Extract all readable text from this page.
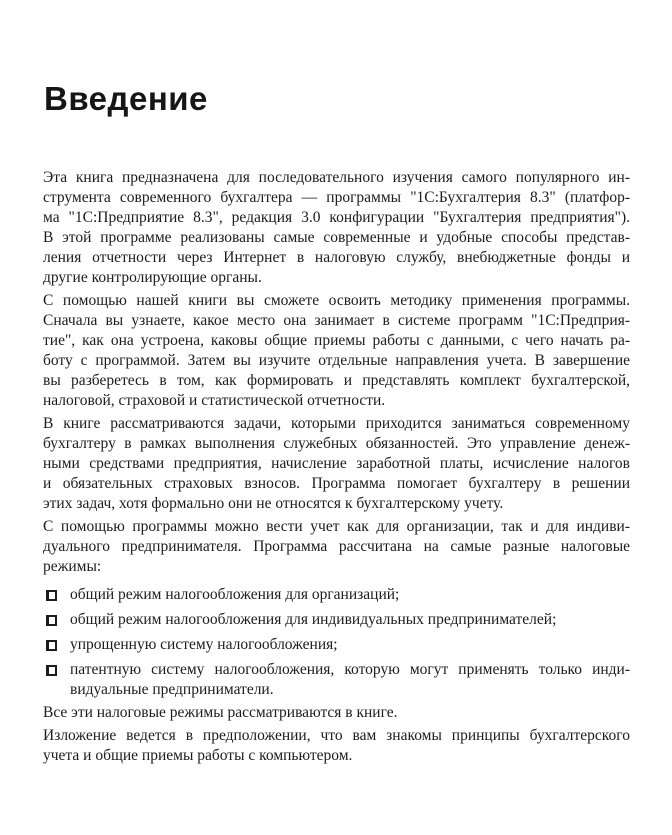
Введение
Эта книга предназначена для последовательного изучения самого популярного ин-
струмента современного бухгалтера — программы "1С:Бухгалтерия 8.3" (платфор-
ма "1С:Предприятие 8.3", редакция 3.0 конфигурации "Бухгалтерия предприятия").
В этой программе реализованы самые современные и удобные способы представ-
ления отчетности через Интернет в налоговую службу, внебюджетные фонды и
другие контролирующие органы.
С помощью нашей книги вы сможете освоить методику применения программы.
Сначала вы узнаете, какое место она занимает в системе программ "1С:Предприя-
тие", как она устроена, каковы общие приемы работы с данными, с чего начать ра-
боту с программой. Затем вы изучите отдельные направления учета. В завершение
вы разберетесь в том, как формировать и представлять комплект бухгалтерской,
налоговой, страховой и статистической отчетности.
В книге рассматриваются задачи, которыми приходится заниматься современному
бухгалтеру в рамках выполнения служебных обязанностей. Это управление денеж-
ными средствами предприятия, начисление заработной платы, исчисление налогов
и обязательных страховых взносов. Программа помогает бухгалтеру в решении
этих задач, хотя формально они не относятся к бухгалтерскому учету.
С помощью программы можно вести учет как для организации, так и для индиви-
дуального предпринимателя. Программа рассчитана на самые разные налоговые
режимы:
общий режим налогообложения для организаций;
общий режим налогообложения для индивидуальных предпринимателей;
упрощенную систему налогообложения;
патентную систему налогообложения, которую могут применять только инди-
видуальные предприниматели.
Все эти налоговые режимы рассматриваются в книге.
Изложение ведется в предположении, что вам знакомы принципы бухгалтерского
учета и общие приемы работы с компьютером.
